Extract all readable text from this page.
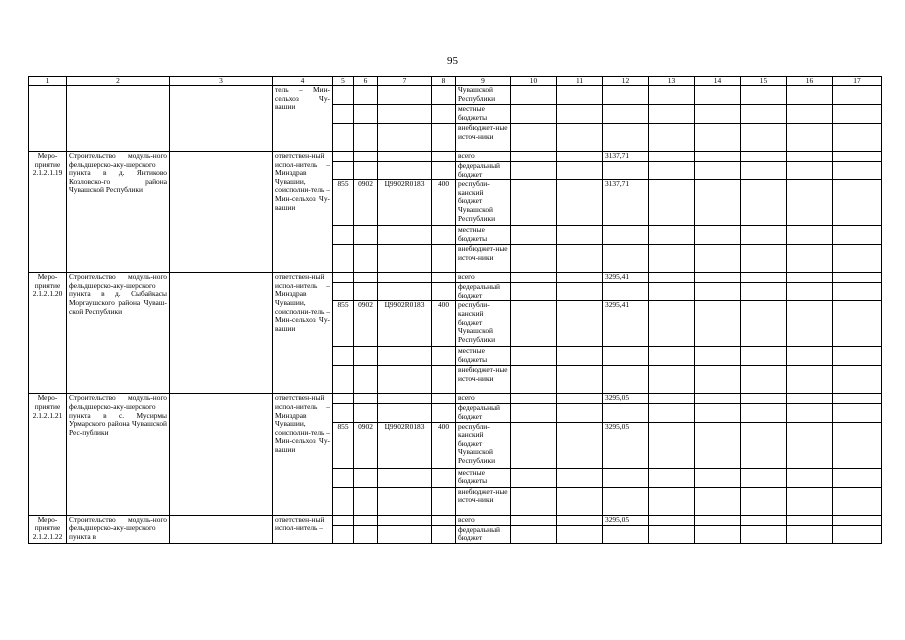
95
1	2	3	4	5	6	7	8	9	10	11	12	13	14	15	16	17
			тель – Мин-сельхоз Чу-вашии					Чувашской Республики								
								местные бюджеты								
								внебюджет-ные источ-ники								
Меро-приятие 2.1.2.1.19	Строительство модуль-ного фельдшерско-аку-шерского пункта в д. Янтиково Козловско-го района Чувашской Республики		ответствен-ный испол-нитель – Минздрав Чувашии, соисполни-тель – Мин-сельхоз Чу-вашии					всего			3137,71					
								федеральный бюджет								
				855	0902	Ц9902R0183	400	республи-канский бюджет Чувашской Республики			3137,71					
								местные бюджеты								
								внебюджет-ные источ-ники								
Меро-приятие 2.1.2.1.20	Строительство модуль-ного фельдшерско-аку-шерского пункта в д. Сыбайкасы Моргаушского района Чуваш-ской Республики		ответствен-ный испол-нитель – Минздрав Чувашии, соисполни-тель – Мин-сельхоз Чу-вашии					всего			3295,41					
								федеральный бюджет								
				855	0902	Ц9902R0183	400	республи-канский бюджет Чувашской Республики			3295,41					
								местные бюджеты								
								внебюджет-ные источ-ники								
Меро-приятие 2.1.2.1.21	Строительство модуль-ного фельдшерско-аку-шерского пункта в с. Мусирмы Урмарского района Чувашской Рес-публики		ответствен-ный испол-нитель – Минздрав Чувашии, соисполни-тель – Мин-сельхоз Чу-вашии					всего			3295,05					
								федеральный бюджет								
				855	0902	Ц9902R0183	400	республи-канский бюджет Чувашской Республики			3295,05					
								местные бюджеты								
								внебюджет-ные источ-ники								
Меро-приятие 2.1.2.1.22	Строительство модуль-ного фельдшерско-аку-шерского пункта в		ответствен-ный испол-нитель –					всего			3295,05					
								федеральный бюджет								
